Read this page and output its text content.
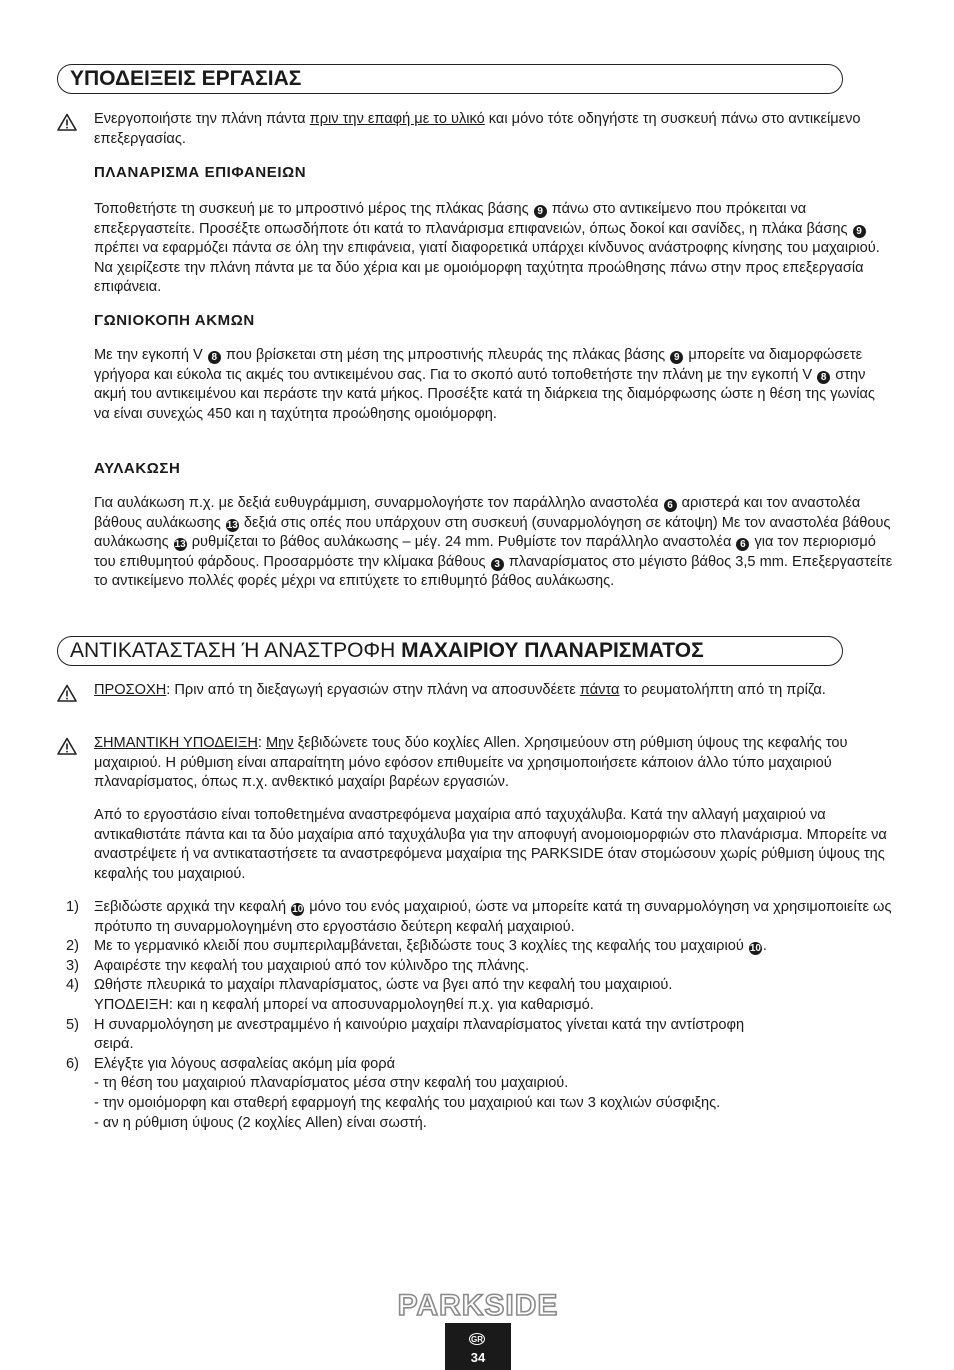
ΥΠΟΔΕΙΞΕΙΣ ΕΡΓΑΣΙΑΣ
Ενεργοποιήστε την πλάνη πάντα πριν την επαφή με το υλικό και μόνο τότε οδηγήστε τη συσκευή πάνω στο αντικείμενο επεξεργασίας.
ΠΛΑΝΑΡΙΣΜΑ ΕΠΙΦΑΝΕΙΩΝ
Τοποθετήστε τη συσκευή με το μπροστινό μέρος της πλάκας βάσης 9 πάνω στο αντικείμενο που πρόκειται να επεξεργαστείτε. Προσέξτε οπωσδήποτε ότι κατά το πλανάρισμα επιφανειών, όπως δοκοί και σανίδες, η πλάκα βάσης 9 πρέπει να εφαρμόζει πάντα σε όλη την επιφάνεια, γιατί διαφορετικά υπάρχει κίνδυνος ανάστροφης κίνησης του μαχαιριού. Να χειρίζεστε την πλάνη πάντα με τα δύο χέρια και με ομοιόμορφη ταχύτητα προώθησης πάνω στην προς επεξεργασία επιφάνεια.
ΓΩΝΙΟΚΟΠΗ ΑΚΜΩΝ
Με την εγκοπή V 8 που βρίσκεται στη μέση της μπροστινής πλευράς της πλάκας βάσης 9 μπορείτε να διαμορφώσετε γρήγορα και εύκολα τις ακμές του αντικειμένου σας. Για το σκοπό αυτό τοποθετήστε την πλάνη με την εγκοπή V 8 στην ακμή του αντικειμένου και περάστε την κατά μήκος. Προσέξτε κατά τη διάρκεια της διαμόρφωσης ώστε η θέση της γωνίας να είναι συνεχώς 450 και η ταχύτητα προώθησης ομοιόμορφη.
ΑΥΛΑΚΩΣΗ
Για αυλάκωση π.χ. με δεξιά ευθυγράμμιση, συναρμολογήστε τον παράλληλο αναστολέα 6 αριστερά και τον αναστολέα βάθους αυλάκωσης 13 δεξιά στις οπές που υπάρχουν στη συσκευή (συναρμολόγηση σε κάτοψη) Με τον αναστολέα βάθους αυλάκωσης 13 ρυθμίζεται το βάθος αυλάκωσης – μέγ. 24 mm. Ρυθμίστε τον παράλληλο αναστολέα 6 για τον περιορισμό του επιθυμητού φάρδους. Προσαρμόστε την κλίμακα βάθους 3 πλαναρίσματος στο μέγιστο βάθος 3,5 mm. Επεξεργαστείτε το αντικείμενο πολλές φορές μέχρι να επιτύχετε το επιθυμητό βάθος αυλάκωσης.
ΑΝΤΙΚΑΤΑΣΤΑΣΗ Ή ΑΝΑΣΤΡΟΦΗ ΜΑΧΑΙΡΙΟΥ ΠΛΑΝΑΡΙΣΜΑΤΟΣ
ΠΡΟΣΟΧΗ: Πριν από τη διεξαγωγή εργασιών στην πλάνη να αποσυνδέετε πάντα το ρευματολήπτη από τη πρίζα.
ΣΗΜΑΝΤΙΚΗ ΥΠΟΔΕΙΞΗ: Μην ξεβιδώνετε τους δύο κοχλίες Allen. Χρησιμεύουν στη ρύθμιση ύψους της κεφαλής του μαχαιριού. Η ρύθμιση είναι απαραίτητη μόνο εφόσον επιθυμείτε να χρησιμοποιήσετε κάποιον άλλο τύπο μαχαιριού πλαναρίσματος, όπως π.χ. ανθεκτικό μαχαίρι βαρέων εργασιών.
Από το εργοστάσιο είναι τοποθετημένα αναστρεφόμενα μαχαίρια από ταχυχάλυβα. Κατά την αλλαγή μαχαιριού να αντικαθιστάτε πάντα και τα δύο μαχαίρια από ταχυχάλυβα για την αποφυγή ανομοιομορφιών στο πλανάρισμα. Μπορείτε να αναστρέψετε ή να αντικαταστήσετε τα αναστρεφόμενα μαχαίρια της PARKSIDE όταν στομώσουν χωρίς ρύθμιση ύψους της κεφαλής του μαχαιριού.
1)	Ξεβιδώστε αρχικά την κεφαλή 10 μόνο του ενός μαχαιριού, ώστε να μπορείτε κατά τη συναρμολόγηση να χρησιμοποιείτε ως πρότυπο τη συναρμολογημένη στο εργοστάσιο δεύτερη κεφαλή μαχαιριού.
2)	Με το γερμανικό κλειδί που συμπεριλαμβάνεται, ξεβιδώστε τους 3 κοχλίες της κεφαλής του μαχαιριού 10 .
3)	Αφαιρέστε την κεφαλή του μαχαιριού από τον κύλινδρο της πλάνης.
4)	Ωθήστε πλευρικά το μαχαίρι πλαναρίσματος, ώστε να βγει από την κεφαλή του μαχαιριού.
ΥΠΟΔΕΙΞΗ: και η κεφαλή μπορεί να αποσυναρμολογηθεί π.χ. για καθαρισμό.
5)	Η συναρμολόγηση με ανεστραμμένο ή καινούριο μαχαίρι πλαναρίσματος γίνεται κατά την αντίστροφη σειρά.
6)	Ελέγξτε για λόγους ασφαλείας ακόμη μία φορά
- τη θέση του μαχαιριού πλαναρίσματος μέσα στην κεφαλή του μαχαιριού.
- την ομοιόμορφη και σταθερή εφαρμογή της κεφαλής του μαχαιριού και των 3 κοχλιών σύσφιξης.
- αν η ρύθμιση ύψους (2 κοχλίες Allen) είναι σωστή.
PARKSIDE
GR
34
